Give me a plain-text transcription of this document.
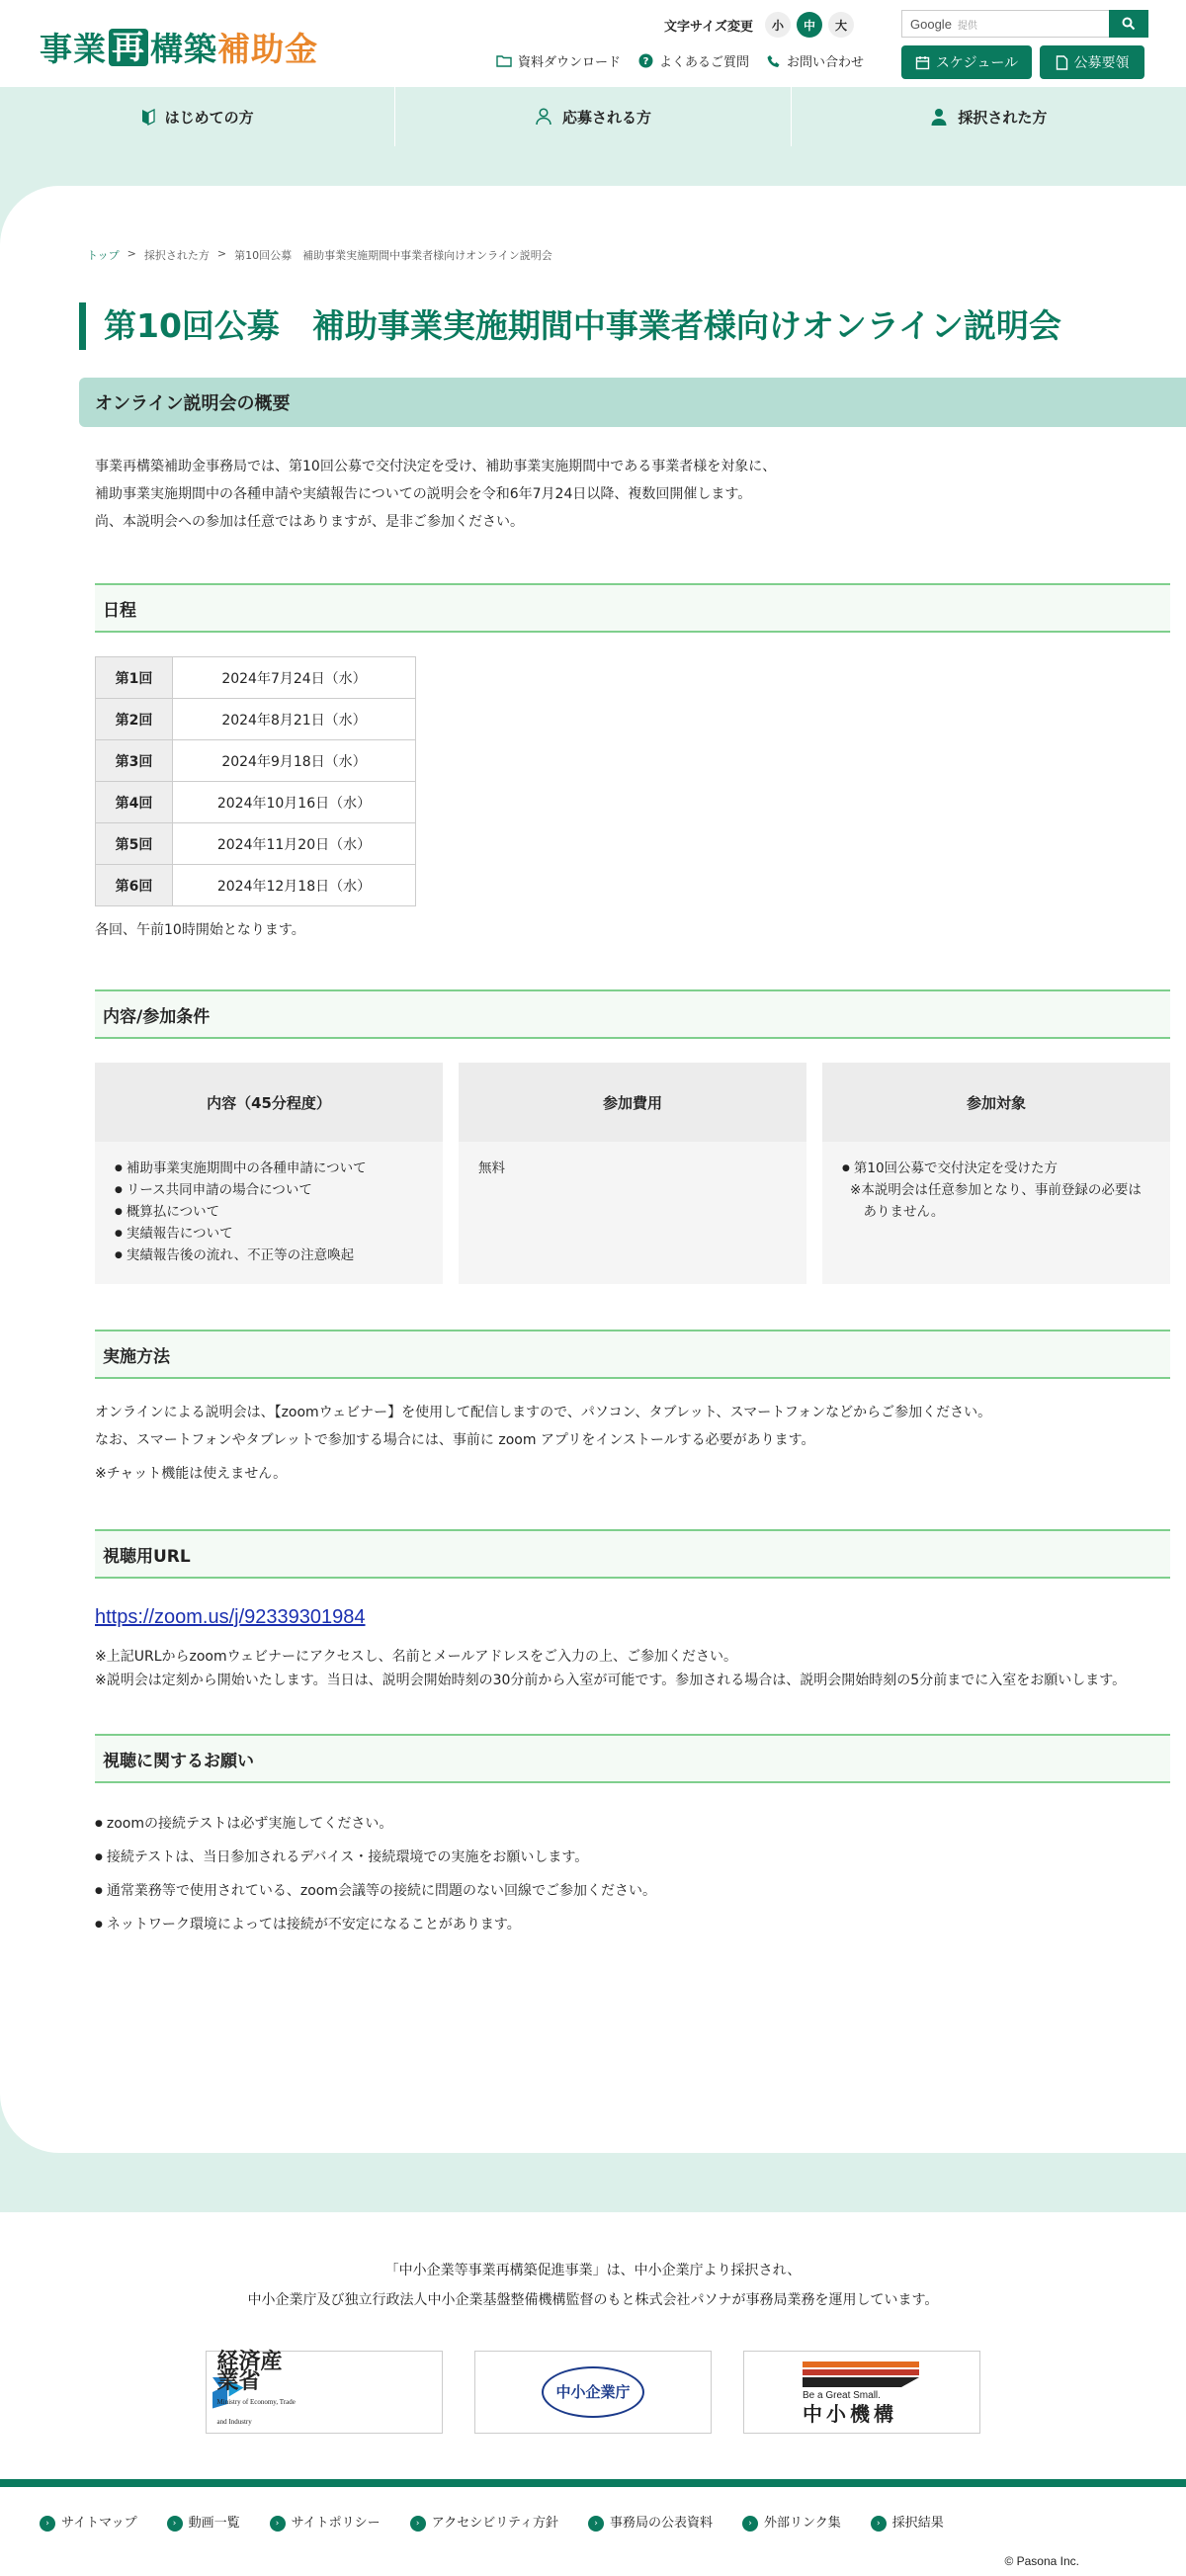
事業 再 構築 補助金
文字サイズ変更	小	中	大	Google 提供
資料ダウンロード ? よくあるご質問	お問い合わせ	スケジュール	公募要領
はじめての方	応募される方	採択された方
トップ > 採択された方 > 第10回公募　補助事業実施期間中事業者様向けオンライン説明会
第10回公募　補助事業実施期間中事業者様向けオンライン説明会
オンライン説明会の概要

事業再構築補助金事務局では、第10回公募で交付決定を受け、補助事業実施期間中である事業者様を対象に、

補助事業実施期間中の各種申請や実績報告についての説明会を令和6年7月24日以降、複数回開催します。

尚、本説明会への参加は任意ではありますが、是非ご参加ください。

日程
第1回	2024年7月24日（水）
第2回	2024年8月21日（水）
第3回	2024年9月18日（水）
第4回	2024年10月16日（水）
第5回	2024年11月20日（水）
第6回	2024年12月18日（水）

各回、午前10時開始となります。

内容/参加条件
内容（45分程度）
● 補助事業実施期間中の各種申請について
● リース共同申請の場合について
● 概算払について
● 実績報告について
● 実績報告後の流れ、不正等の注意喚起
参加費用

無料

参加対象
● 第10回公募で交付決定を受けた方

※本説明会は任意参加となり、事前登録の必要はありません。

実施方法

オンラインによる説明会は、【zoomウェビナー】を使用して配信しますので、パソコン、タブレット、スマートフォンなどからご参加ください。

なお、スマートフォンやタブレットで参加する場合には、事前に zoom アプリをインストールする必要があります。

※チャット機能は使えません。

視聴用URL
https://zoom.us/j/92339301984

※上記URLからzoomウェビナーにアクセスし、名前とメールアドレスをご入力の上、ご参加ください。

※説明会は定刻から開始いたします。当日は、説明会開始時刻の30分前から入室が可能です。参加される場合は、説明会開始時刻の5分前までに入室をお願いします。

視聴に関するお願い
● zoomの接続テストは必ず実施してください。
● 接続テストは、当日参加されるデバイス・接続環境での実施をお願いします。
● 通常業務等で使用されている、zoom会議等の接続に問題のない回線でご参加ください。
● ネットワーク環境によっては接続が不安定になることがあります。

「中小企業等事業再構築促進事業」は、中小企業庁より採択され、

中小企業庁及び独立行政法人中小企業基盤整備機構監督のもと株式会社パソナが事務局業務を運用しています。

経済産業省
Ministry of Economy, Trade and Industry
中小企業庁	Be a Great Small.
中小機構
› サイトマップ	› 動画一覧	› サイトポリシー	› アクセシビリティ方針	› 事務局の公表資料	› 外部リンク集	› 採択結果

© Pasona Inc.
